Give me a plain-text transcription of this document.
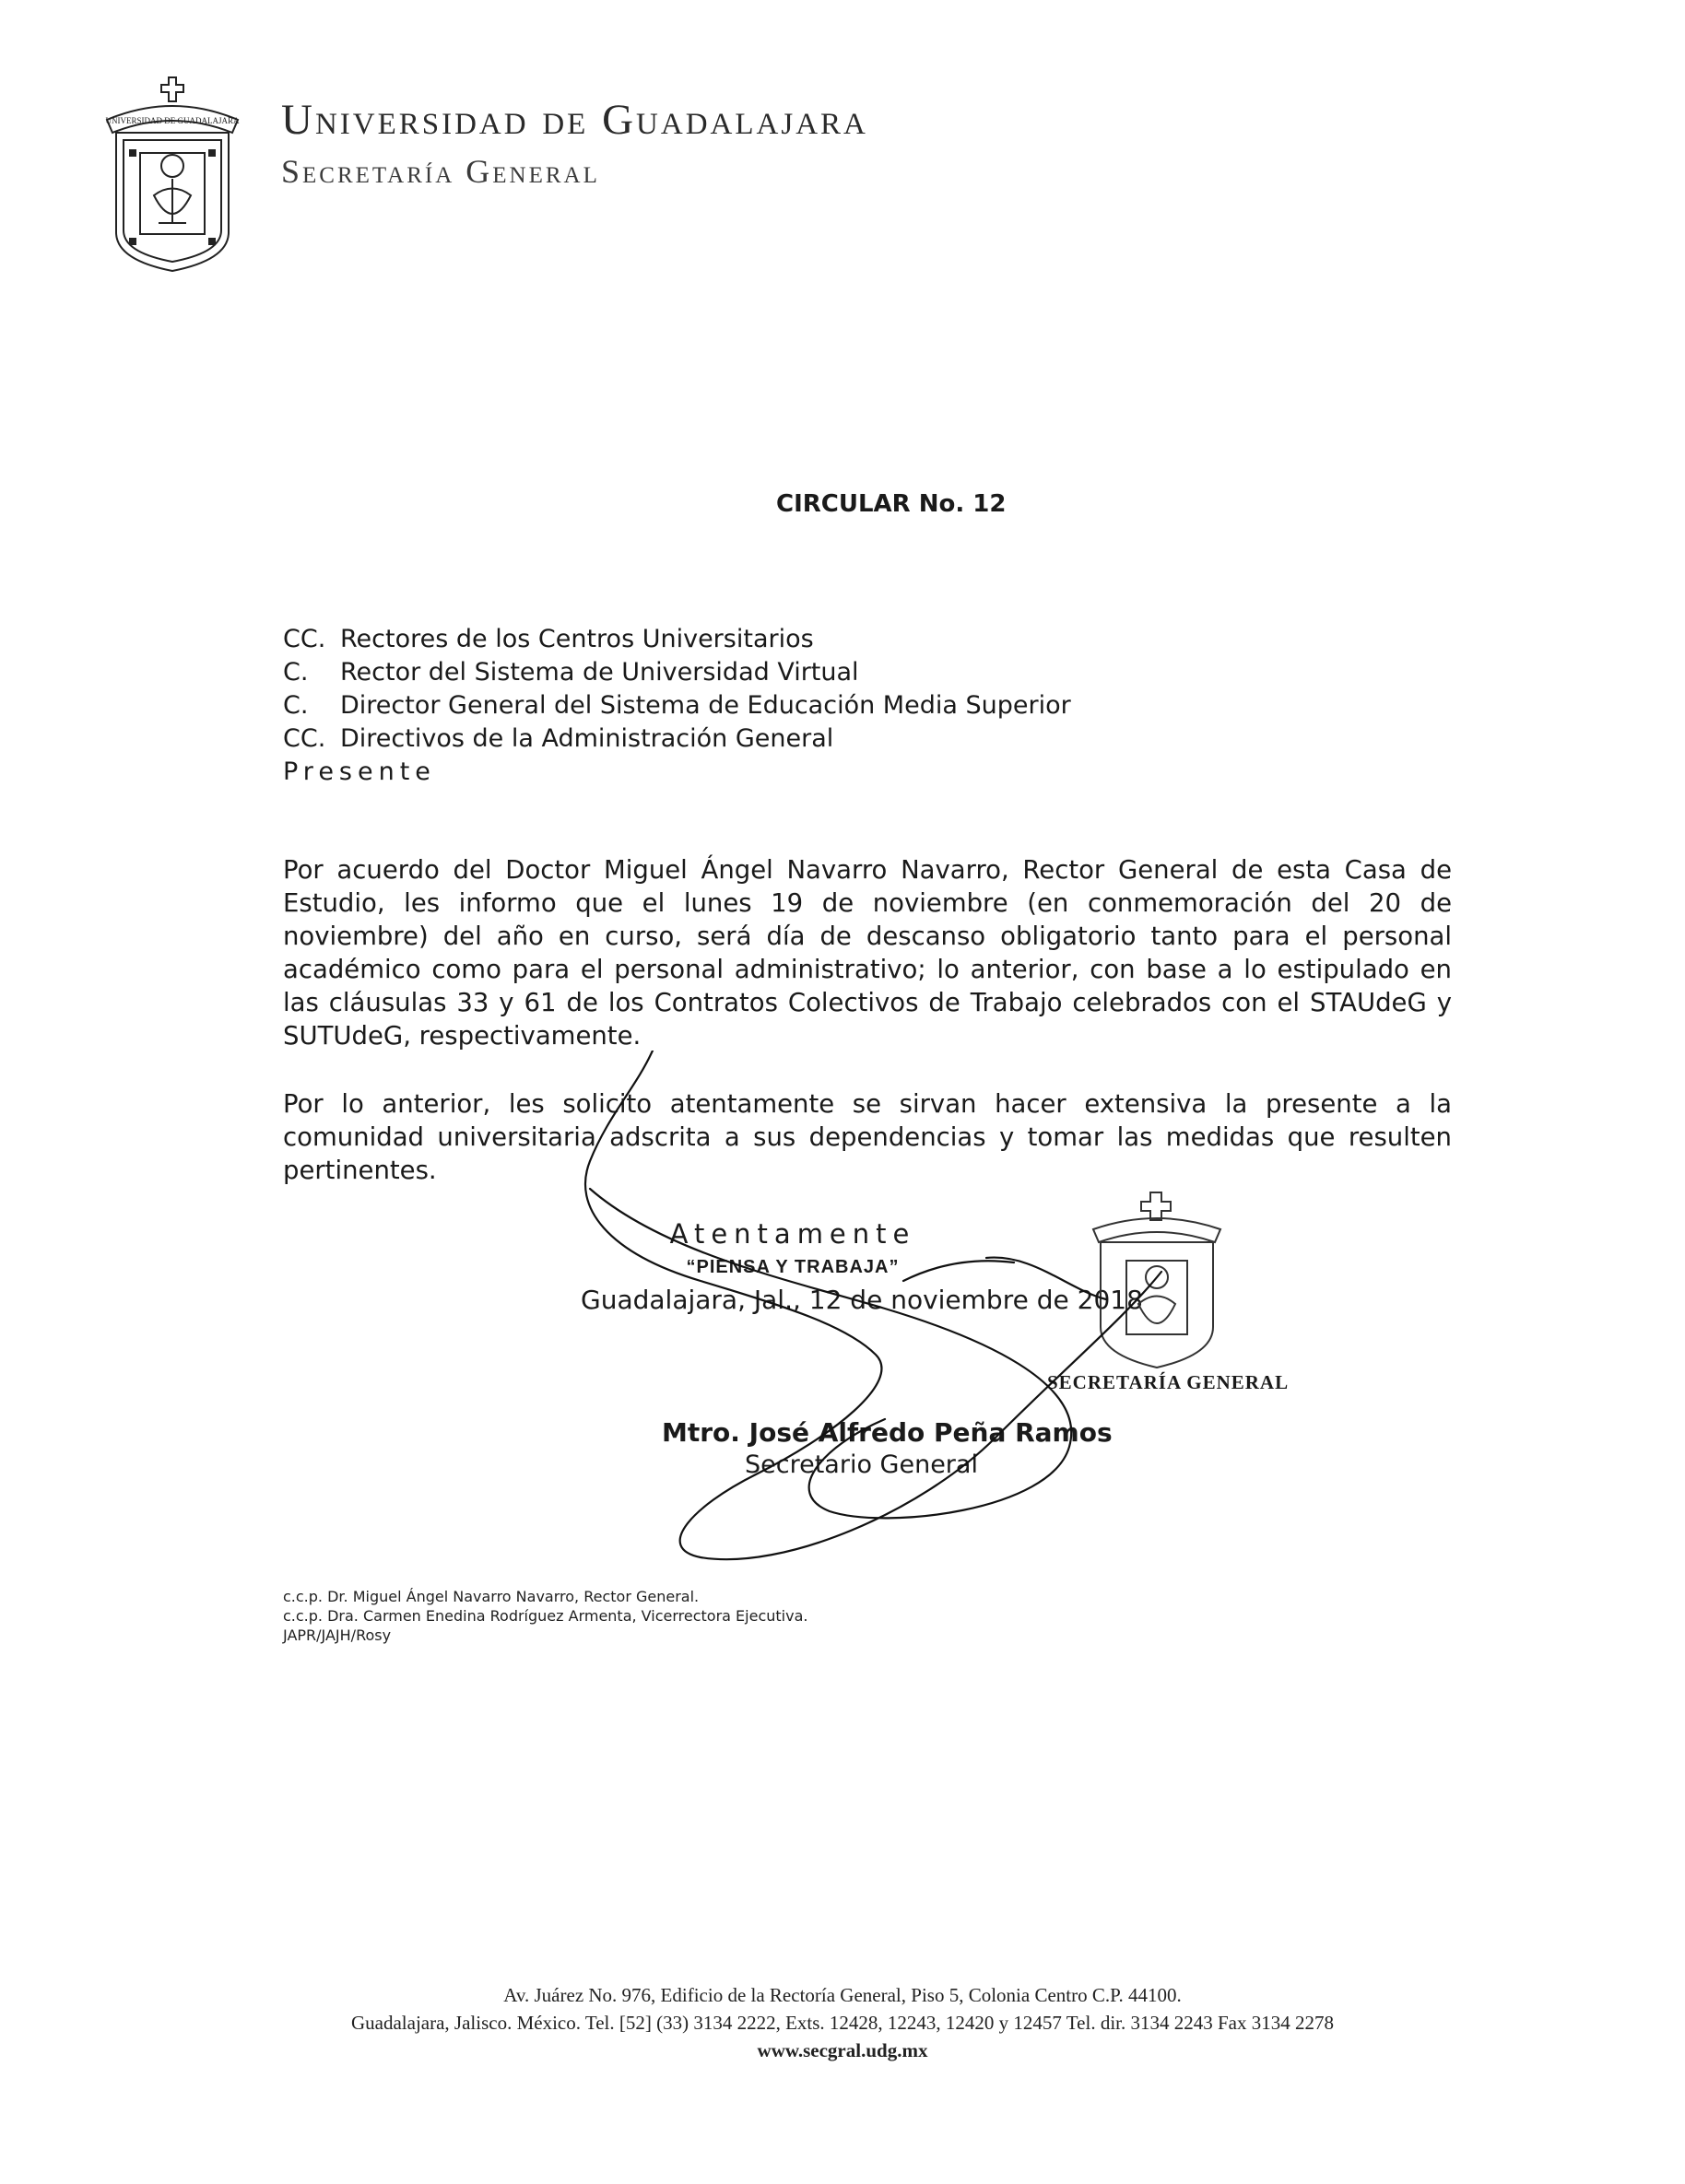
UNIVERSIDAD DE GUADALAJARA Universidad de Guadalajara
Secretaría General
CIRCULAR No. 12
CC. Rectores de los Centros Universitarios
C. Rector del Sistema de Universidad Virtual
C. Director General del Sistema de Educación Media Superior
CC. Directivos de la Administración General
Presente
Por acuerdo del Doctor Miguel Ángel Navarro Navarro, Rector General de esta Casa de Estudio, les informo que el lunes 19 de noviembre (en conmemoración del 20 de noviembre) del año en curso, será día de descanso obligatorio tanto para el personal académico como para el personal administrativo; lo anterior, con base a lo estipulado en las cláusulas 33 y 61 de los Contratos Colectivos de Trabajo celebrados con el STAUdeG y SUTUdeG, respectivamente.
Por lo anterior, les solicito atentamente se sirvan hacer extensiva la presente a la comunidad universitaria adscrita a sus dependencias y tomar las medidas que resulten pertinentes.
Atentamente
“PIENSA Y TRABAJA”
Guadalajara, Jal., 12 de noviembre de 2018
Mtro. José Alfredo Peña Ramos
Secretario General
SECRETARÍA GENERAL
c.c.p. Dr. Miguel Ángel Navarro Navarro, Rector General.
c.c.p. Dra. Carmen Enedina Rodríguez Armenta, Vicerrectora Ejecutiva.
JAPR/JAJH/Rosy
Av. Juárez No. 976, Edificio de la Rectoría General, Piso 5, Colonia Centro C.P. 44100.
Guadalajara, Jalisco. México. Tel. [52] (33) 3134 2222, Exts. 12428, 12243, 12420 y 12457 Tel. dir. 3134 2243 Fax 3134 2278
www.secgral.udg.mx
